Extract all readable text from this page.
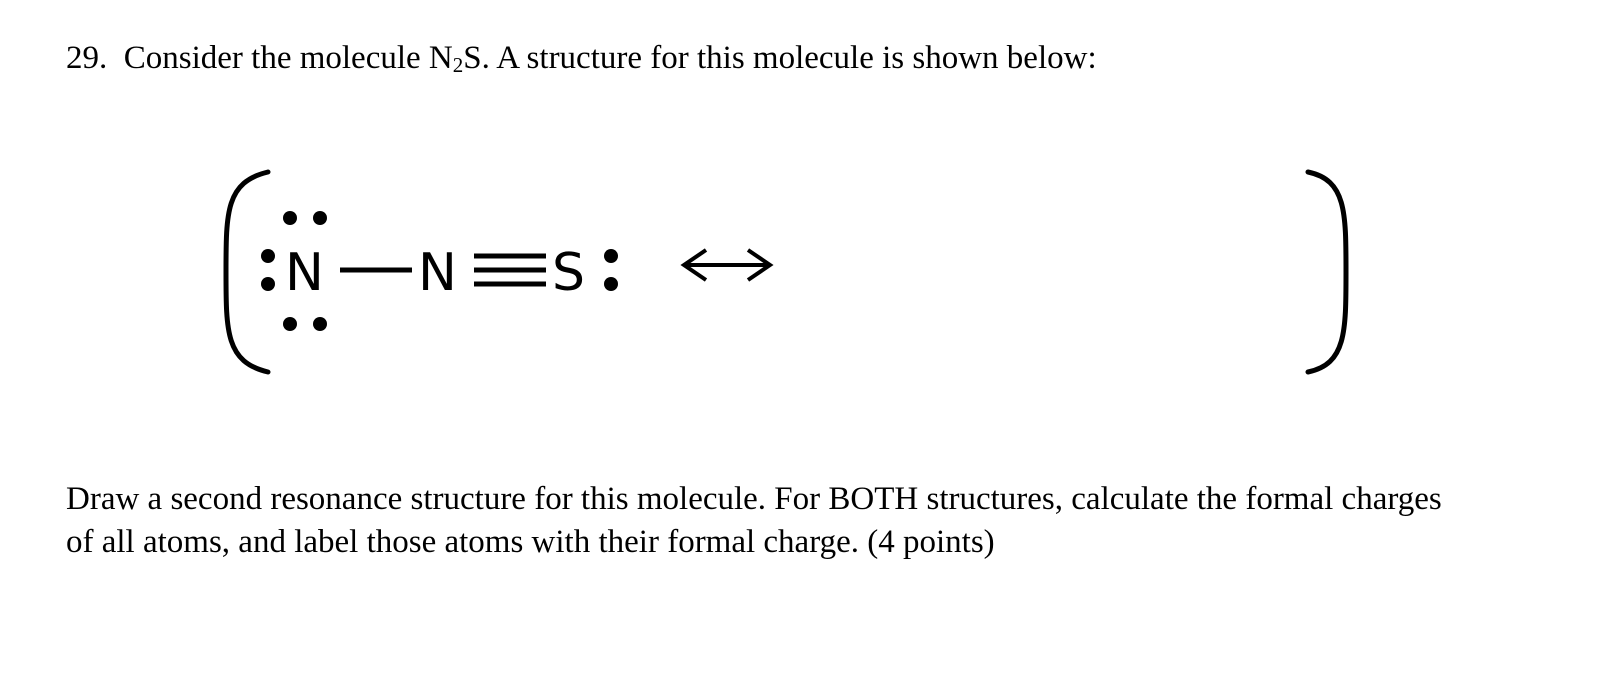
29. Consider the molecule $N_2S$. A structure for this molecule is shown below:
N N S
Draw a second resonance structure for this molecule. For BOTH structures, calculate the formal charges
of all atoms, and label those atoms with their formal charge. (4 points)
